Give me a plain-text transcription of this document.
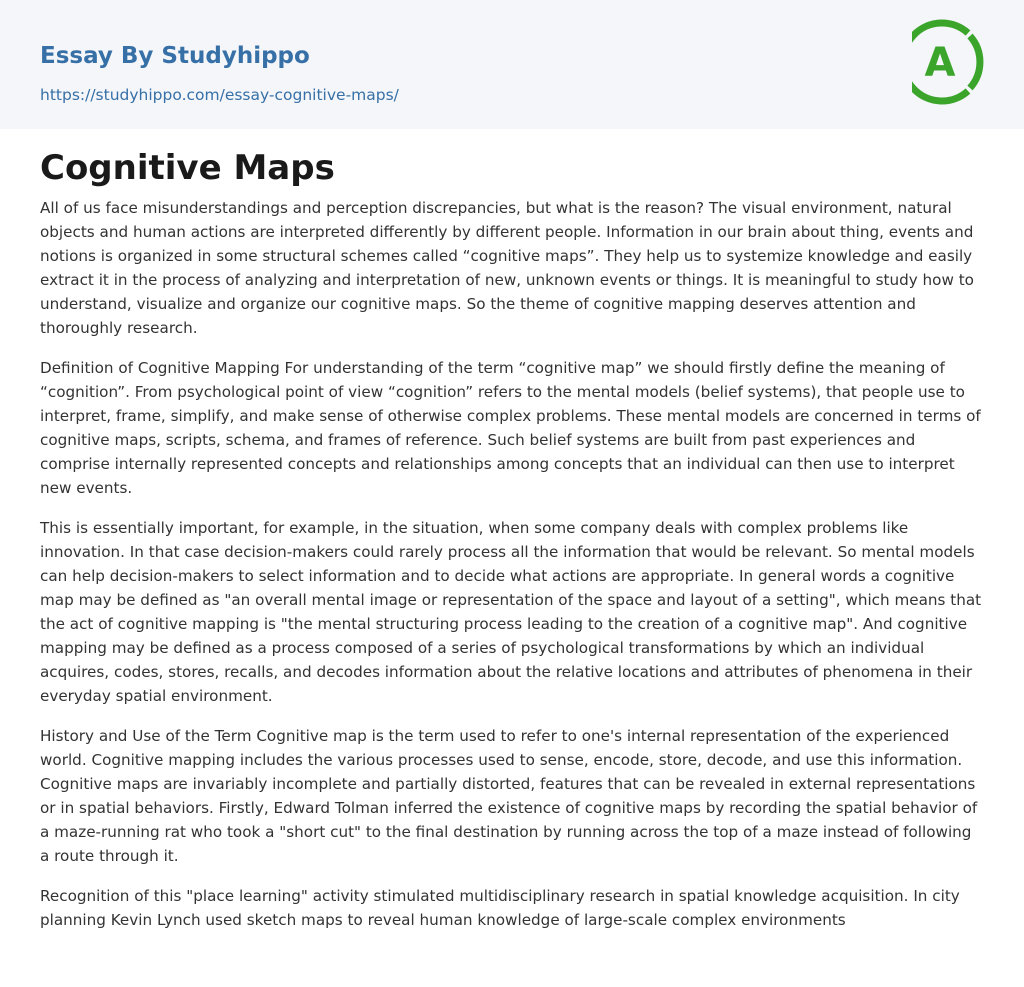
Essay By Studyhippo
https://studyhippo.com/essay-cognitive-maps/
A
Cognitive Maps

All of us face misunderstandings and perception discrepancies, but what is the reason? The visual environment, natural objects and human actions are interpreted differently by different people. Information in our brain about thing, events and notions is organized in some structural schemes called “cognitive maps”. They help us to systemize knowledge and easily extract it in the process of analyzing and interpretation of new, unknown events or things. It is meaningful to study how to understand, visualize and organize our cognitive maps. So the theme of cognitive mapping deserves attention and thoroughly research.

Definition of Cognitive Mapping For understanding of the term “cognitive map” we should firstly define the meaning of “cognition”. From psychological point of view “cognition” refers to the mental models (belief systems), that people use to interpret, frame, simplify, and make sense of otherwise complex problems. These mental models are concerned in terms of cognitive maps, scripts, schema, and frames of reference. Such belief systems are built from past experiences and comprise internally represented concepts and relationships among concepts that an individual can then use to interpret new events.

This is essentially important, for example, in the situation, when some company deals with complex problems like innovation. In that case decision-makers could rarely process all the information that would be relevant. So mental models can help decision-makers to select information and to decide what actions are appropriate. In general words a cognitive map may be defined as "an overall mental image or representation of the space and layout of a setting", which means that the act of cognitive mapping is "the mental structuring process leading to the creation of a cognitive map". And cognitive mapping may be defined as a process composed of a series of psychological transformations by which an individual acquires, codes, stores, recalls, and decodes information about the relative locations and attributes of phenomena in their everyday spatial environment.

History and Use of the Term Cognitive map is the term used to refer to one's internal representation of the experienced world. Cognitive mapping includes the various processes used to sense, encode, store, decode, and use this information. Cognitive maps are invariably incomplete and partially distorted, features that can be revealed in external representations or in spatial behaviors. Firstly, Edward Tolman inferred the existence of cognitive maps by recording the spatial behavior of a maze-running rat who took a "short cut" to the final destination by running across the top of a maze instead of following a route through it.

Recognition of this "place learning" activity stimulated multidisciplinary research in spatial knowledge acquisition. In city planning Kevin Lynch used sketch maps to reveal human knowledge of large-scale complex environments
